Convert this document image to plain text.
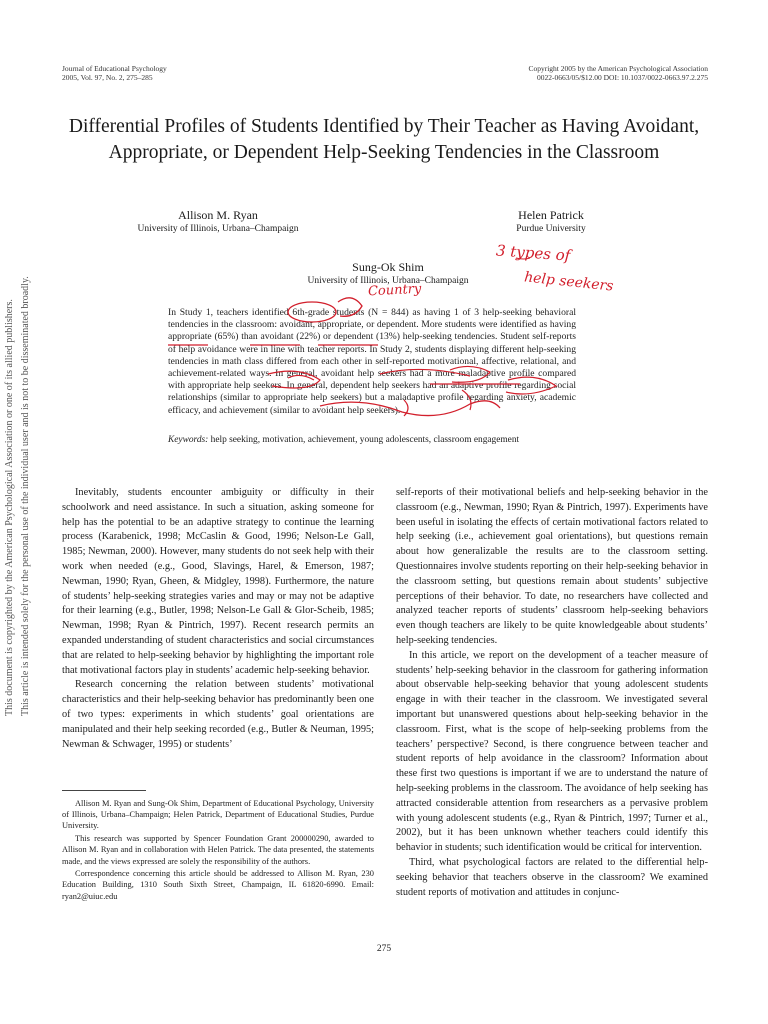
Journal of Educational Psychology
2005, Vol. 97, No. 2, 275–285
Copyright 2005 by the American Psychological Association
0022-0663/05/$12.00 DOI: 10.1037/0022-0663.97.2.275
Differential Profiles of Students Identified by Their Teacher as Having Avoidant, Appropriate, or Dependent Help-Seeking Tendencies in the Classroom
Allison M. Ryan
University of Illinois, Urbana–Champaign
Helen Patrick
Purdue University
Sung-Ok Shim
University of Illinois, Urbana–Champaign

In Study 1, teachers identified 6th-grade students (N = 844) as having 1 of 3 help-seeking behavioral tendencies in the classroom: avoidant, appropriate, or dependent. More students were identified as having appropriate (65%) than avoidant (22%) or dependent (13%) help-seeking tendencies. Student self-reports of help avoidance were in line with teacher reports. In Study 2, students displaying different help-seeking tendencies in math class differed from each other in self-reported motivational, affective, relational, and achievement-related ways. In general, avoidant help seekers had a more maladaptive profile compared with appropriate help seekers. In general, dependent help seekers had an adaptive profile regarding social relationships (similar to appropriate help seekers) but a maladaptive profile regarding anxiety, academic efficacy, and achievement (similar to avoidant help seekers).

Keywords: help seeking, motivation, achievement, young adolescents, classroom engagement

Inevitably, students encounter ambiguity or difficulty in their schoolwork and need assistance. In such a situation, asking someone for help has the potential to be an adaptive strategy to continue the learning process (Karabenick, 1998; McCaslin & Good, 1996; Nelson-Le Gall, 1985; Newman, 2000). However, many students do not seek help with their work when needed (e.g., Good, Slavings, Harel, & Emerson, 1987; Newman, 1990; Ryan, Gheen, & Midgley, 1998). Furthermore, the nature of students’ help-seeking strategies varies and may or may not be adaptive for their learning (e.g., Butler, 1998; Nelson-Le Gall & Glor-Scheib, 1985; Newman, 1998; Ryan & Pintrich, 1997). Recent research permits an expanded understanding of student characteristics and social circumstances that are related to help-seeking behavior by highlighting the important role that motivational factors play in students’ academic help-seeking behavior.

Research concerning the relation between students’ motivational characteristics and their help-seeking behavior has predominantly been one of two types: experiments in which students’ goal orientations are manipulated and their help seeking recorded (e.g., Butler & Neuman, 1995; Newman & Schwager, 1995) or students’

self-reports of their motivational beliefs and help-seeking behavior in the classroom (e.g., Newman, 1990; Ryan & Pintrich, 1997). Experiments have been useful in isolating the effects of certain motivational factors related to help seeking (i.e., achievement goal orientations), but questions remain about how generalizable the results are to the classroom setting. Questionnaires involve students reporting on their help-seeking behavior in the classroom setting, but questions remain about students’ subjective perceptions of their behavior. To date, no researchers have collected and analyzed teacher reports of students’ classroom help-seeking behaviors even though teachers are likely to be quite knowledgeable about students’ help-seeking tendencies.

In this article, we report on the development of a teacher measure of students’ help-seeking behavior in the classroom for gathering information about observable help-seeking behavior that young adolescent students engage in with their teacher in the classroom. We investigated several important but unanswered questions about help-seeking behavior in the classroom. First, what is the scope of help-seeking problems from the teachers’ perspective? Second, is there congruence between teacher and student reports of help avoidance in the classroom? Information about these first two questions is important if we are to understand the nature of help-seeking problems in the classroom. The avoidance of help seeking has attracted considerable attention from researchers as a pervasive problem with young adolescent students (e.g., Ryan & Pintrich, 1997; Turner et al., 2002), but it has been unknown whether teachers could identify this behavior in students; such identification would be critical for intervention.

Third, what psychological factors are related to the differential help-seeking behavior that teachers observe in the classroom? We examined student reports of motivation and attitudes in conjunc-

Allison M. Ryan and Sung-Ok Shim, Department of Educational Psychology, University of Illinois, Urbana–Champaign; Helen Patrick, Department of Educational Studies, Purdue University.

This research was supported by Spencer Foundation Grant 200000290, awarded to Allison M. Ryan and in collaboration with Helen Patrick. The data presented, the statements made, and the views expressed are solely the responsibility of the authors.

Correspondence concerning this article should be addressed to Allison M. Ryan, 230 Education Building, 1310 South Sixth Street, Champaign, IL 61820-6990. Email: ryan2@uiuc.edu

275
This document is copyrighted by the American Psychological Association or one of its allied publishers. This article is intended solely for the personal use of the individual user and is not to be disseminated broadly.
3 types of
help seekers
Country
